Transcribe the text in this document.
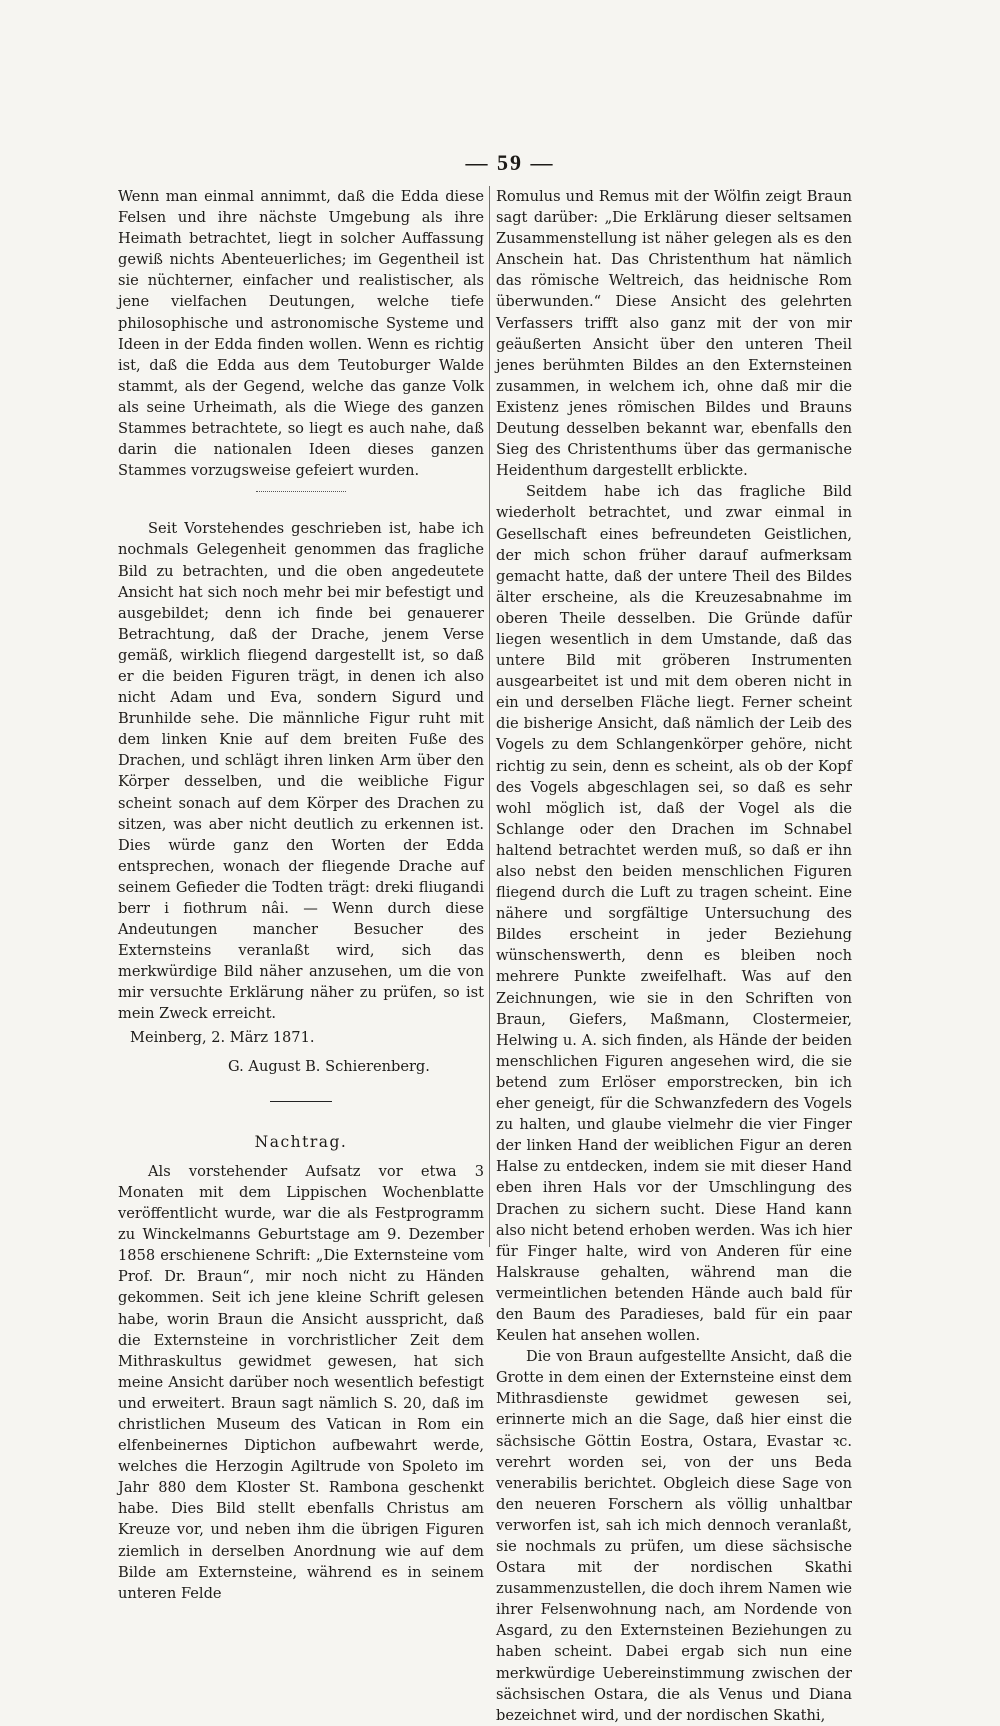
— 59 —

Wenn man einmal annimmt, daß die Edda diese Felsen und ihre nächste Umgebung als ihre Heimath betrachtet, liegt in solcher Auffassung gewiß nichts Abenteuerliches; im Gegentheil ist sie nüchterner, einfacher und realistischer, als jene vielfachen Deutungen, welche tiefe philosophische und astronomische Systeme und Ideen in der Edda finden wollen. Wenn es richtig ist, daß die Edda aus dem Teutoburger Walde stammt, als der Gegend, welche das ganze Volk als seine Urheimath, als die Wiege des ganzen Stammes betrachtete, so liegt es auch nahe, daß darin die nationalen Ideen dieses ganzen Stammes vorzugsweise gefeiert wurden.

Seit Vorstehendes geschrieben ist, habe ich nochmals Gelegenheit genommen das fragliche Bild zu betrachten, und die oben angedeutete Ansicht hat sich noch mehr bei mir befestigt und ausgebildet; denn ich finde bei genauerer Betrachtung, daß der Drache, jenem Verse gemäß, wirklich fliegend dargestellt ist, so daß er die beiden Figuren trägt, in denen ich also nicht Adam und Eva, sondern Sigurd und Brunhilde sehe. Die männliche Figur ruht mit dem linken Knie auf dem breiten Fuße des Drachen, und schlägt ihren linken Arm über den Körper desselben, und die weibliche Figur scheint sonach auf dem Körper des Drachen zu sitzen, was aber nicht deutlich zu erkennen ist. Dies würde ganz den Worten der Edda entsprechen, wonach der fliegende Drache auf seinem Gefieder die Todten trägt: dreki fliugandi berr i fiothrum nâi. — Wenn durch diese Andeutungen mancher Besucher des Externsteins veranlaßt wird, sich das merkwürdige Bild näher anzusehen, um die von mir versuchte Erklärung näher zu prüfen, so ist mein Zweck erreicht.

Meinberg, 2. März 1871.

G. August B. Schierenberg.

Nachtrag.

Als vorstehender Aufsatz vor etwa 3 Monaten mit dem Lippischen Wochenblatte veröffentlicht wurde, war die als Festprogramm zu Winckelmanns Geburtstage am 9. Dezember 1858 erschienene Schrift: „Die Externsteine vom Prof. Dr. Braun“, mir noch nicht zu Händen gekommen. Seit ich jene kleine Schrift gelesen habe, worin Braun die Ansicht ausspricht, daß die Externsteine in vorchristlicher Zeit dem Mithraskultus gewidmet gewesen, hat sich meine Ansicht darüber noch wesentlich befestigt und erweitert. Braun sagt nämlich S. 20, daß im christlichen Museum des Vatican in Rom ein elfenbeinernes Diptichon aufbewahrt werde, welches die Herzogin Agiltrude von Spoleto im Jahr 880 dem Kloster St. Rambona geschenkt habe. Dies Bild stellt ebenfalls Christus am Kreuze vor, und neben ihm die übrigen Figuren ziemlich in derselben Anordnung wie auf dem Bilde am Externsteine, während es in seinem unteren Felde

Romulus und Remus mit der Wölfin zeigt Braun sagt darüber: „Die Erklärung dieser seltsamen Zusammenstellung ist näher gelegen als es den Anschein hat. Das Christenthum hat nämlich das römische Weltreich, das heidnische Rom überwunden.“ Diese Ansicht des gelehrten Verfassers trifft also ganz mit der von mir geäußerten Ansicht über den unteren Theil jenes berühmten Bildes an den Externsteinen zusammen, in welchem ich, ohne daß mir die Existenz jenes römischen Bildes und Brauns Deutung desselben bekannt war, ebenfalls den Sieg des Christenthums über das germanische Heidenthum dargestellt erblickte.

Seitdem habe ich das fragliche Bild wiederholt betrachtet, und zwar einmal in Gesellschaft eines befreundeten Geistlichen, der mich schon früher darauf aufmerksam gemacht hatte, daß der untere Theil des Bildes älter erscheine, als die Kreuzesabnahme im oberen Theile desselben. Die Gründe dafür liegen wesentlich in dem Umstande, daß das untere Bild mit gröberen Instrumenten ausgearbeitet ist und mit dem oberen nicht in ein und derselben Fläche liegt. Ferner scheint die bisherige Ansicht, daß nämlich der Leib des Vogels zu dem Schlangenkörper gehöre, nicht richtig zu sein, denn es scheint, als ob der Kopf des Vogels abgeschlagen sei, so daß es sehr wohl möglich ist, daß der Vogel als die Schlange oder den Drachen im Schnabel haltend betrachtet werden muß, so daß er ihn also nebst den beiden menschlichen Figuren fliegend durch die Luft zu tragen scheint. Eine nähere und sorgfältige Untersuchung des Bildes erscheint in jeder Beziehung wünschenswerth, denn es bleiben noch mehrere Punkte zweifelhaft. Was auf den Zeichnungen, wie sie in den Schriften von Braun, Giefers, Maßmann, Clostermeier, Helwing u. A. sich finden, als Hände der beiden menschlichen Figuren angesehen wird, die sie betend zum Erlöser emporstrecken, bin ich eher geneigt, für die Schwanzfedern des Vogels zu halten, und glaube vielmehr die vier Finger der linken Hand der weiblichen Figur an deren Halse zu entdecken, indem sie mit dieser Hand eben ihren Hals vor der Umschlingung des Drachen zu sichern sucht. Diese Hand kann also nicht betend erhoben werden. Was ich hier für Finger halte, wird von Anderen für eine Halskrause gehalten, während man die vermeintlichen betenden Hände auch bald für den Baum des Paradieses, bald für ein paar Keulen hat ansehen wollen.

Die von Braun aufgestellte Ansicht, daß die Grotte in dem einen der Externsteine einst dem Mithrasdienste gewidmet gewesen sei, erinnerte mich an die Sage, daß hier einst die sächsische Göttin Eostra, Ostara, Evastar ꝛc. verehrt worden sei, von der uns Beda venerabilis berichtet. Obgleich diese Sage von den neueren Forschern als völlig unhaltbar verworfen ist, sah ich mich dennoch veranlaßt, sie nochmals zu prüfen, um diese sächsische Ostara mit der nordischen Skathi zusammenzustellen, die doch ihrem Namen wie ihrer Felsenwohnung nach, am Nordende von Asgard, zu den Externsteinen Beziehungen zu haben scheint. Dabei ergab sich nun eine merkwürdige Uebereinstimmung zwischen der sächsischen Ostara, die als Venus und Diana bezeichnet wird, und der nordischen Skathi,
